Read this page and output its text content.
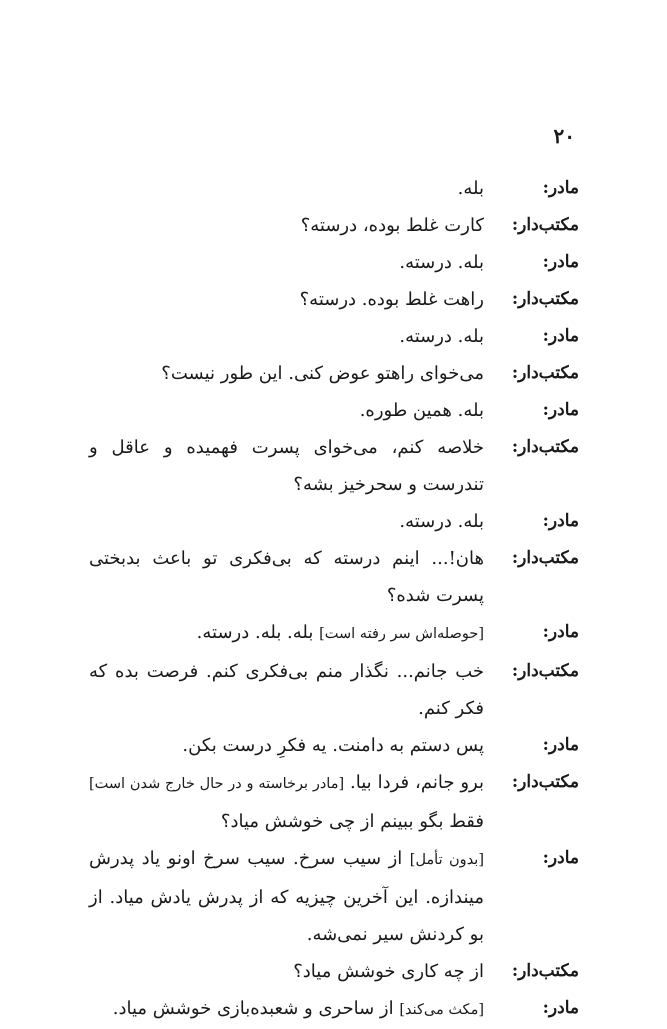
۲۰
مادر:
بله.
مکتب‌دار:
کارت غلط بوده، درسته؟
مادر:
بله. درسته.
مکتب‌دار:
راهت غلط بوده. درسته؟
مادر:
بله. درسته.
مکتب‌دار:
می‌خوای راهتو عوض کنی. این طور نیست؟
مادر:
بله. همین طوره.
مکتب‌دار:
خلاصه کنم، می‌خوای پسرت فهمیده و عاقل و تندرست و سحرخیز بشه؟
مادر:
بله. درسته.
مکتب‌دار:
هان!... اینم درسته که بی‌فکری تو باعث بدبختی پسرت شده؟
مادر:
[حوصله‌اش سر رفته است] بله. بله. درسته.
مکتب‌دار:
خب جانم... نگذار منم بی‌فکری کنم. فرصت بده که فکر کنم.
مادر:
پس دستم به دامنت. یه فکرِ درست بکن.
مکتب‌دار:
برو جانم، فردا بیا. [مادر برخاسته و در حال خارج شدن است] فقط بگو ببینم از چی خوشش میاد؟
مادر:
[بدون تأمل] از سیب سرخ. سیب سرخ اونو یاد پدرش میندازه. این آخرین چیزیه که از پدرش یادش میاد. از بو کردنش سیر نمی‌شه.
مکتب‌دار:
از چه کاری خوشش میاد؟
مادر:
[مکث می‌کند] از ساحری و شعبده‌بازی خوشش میاد.
